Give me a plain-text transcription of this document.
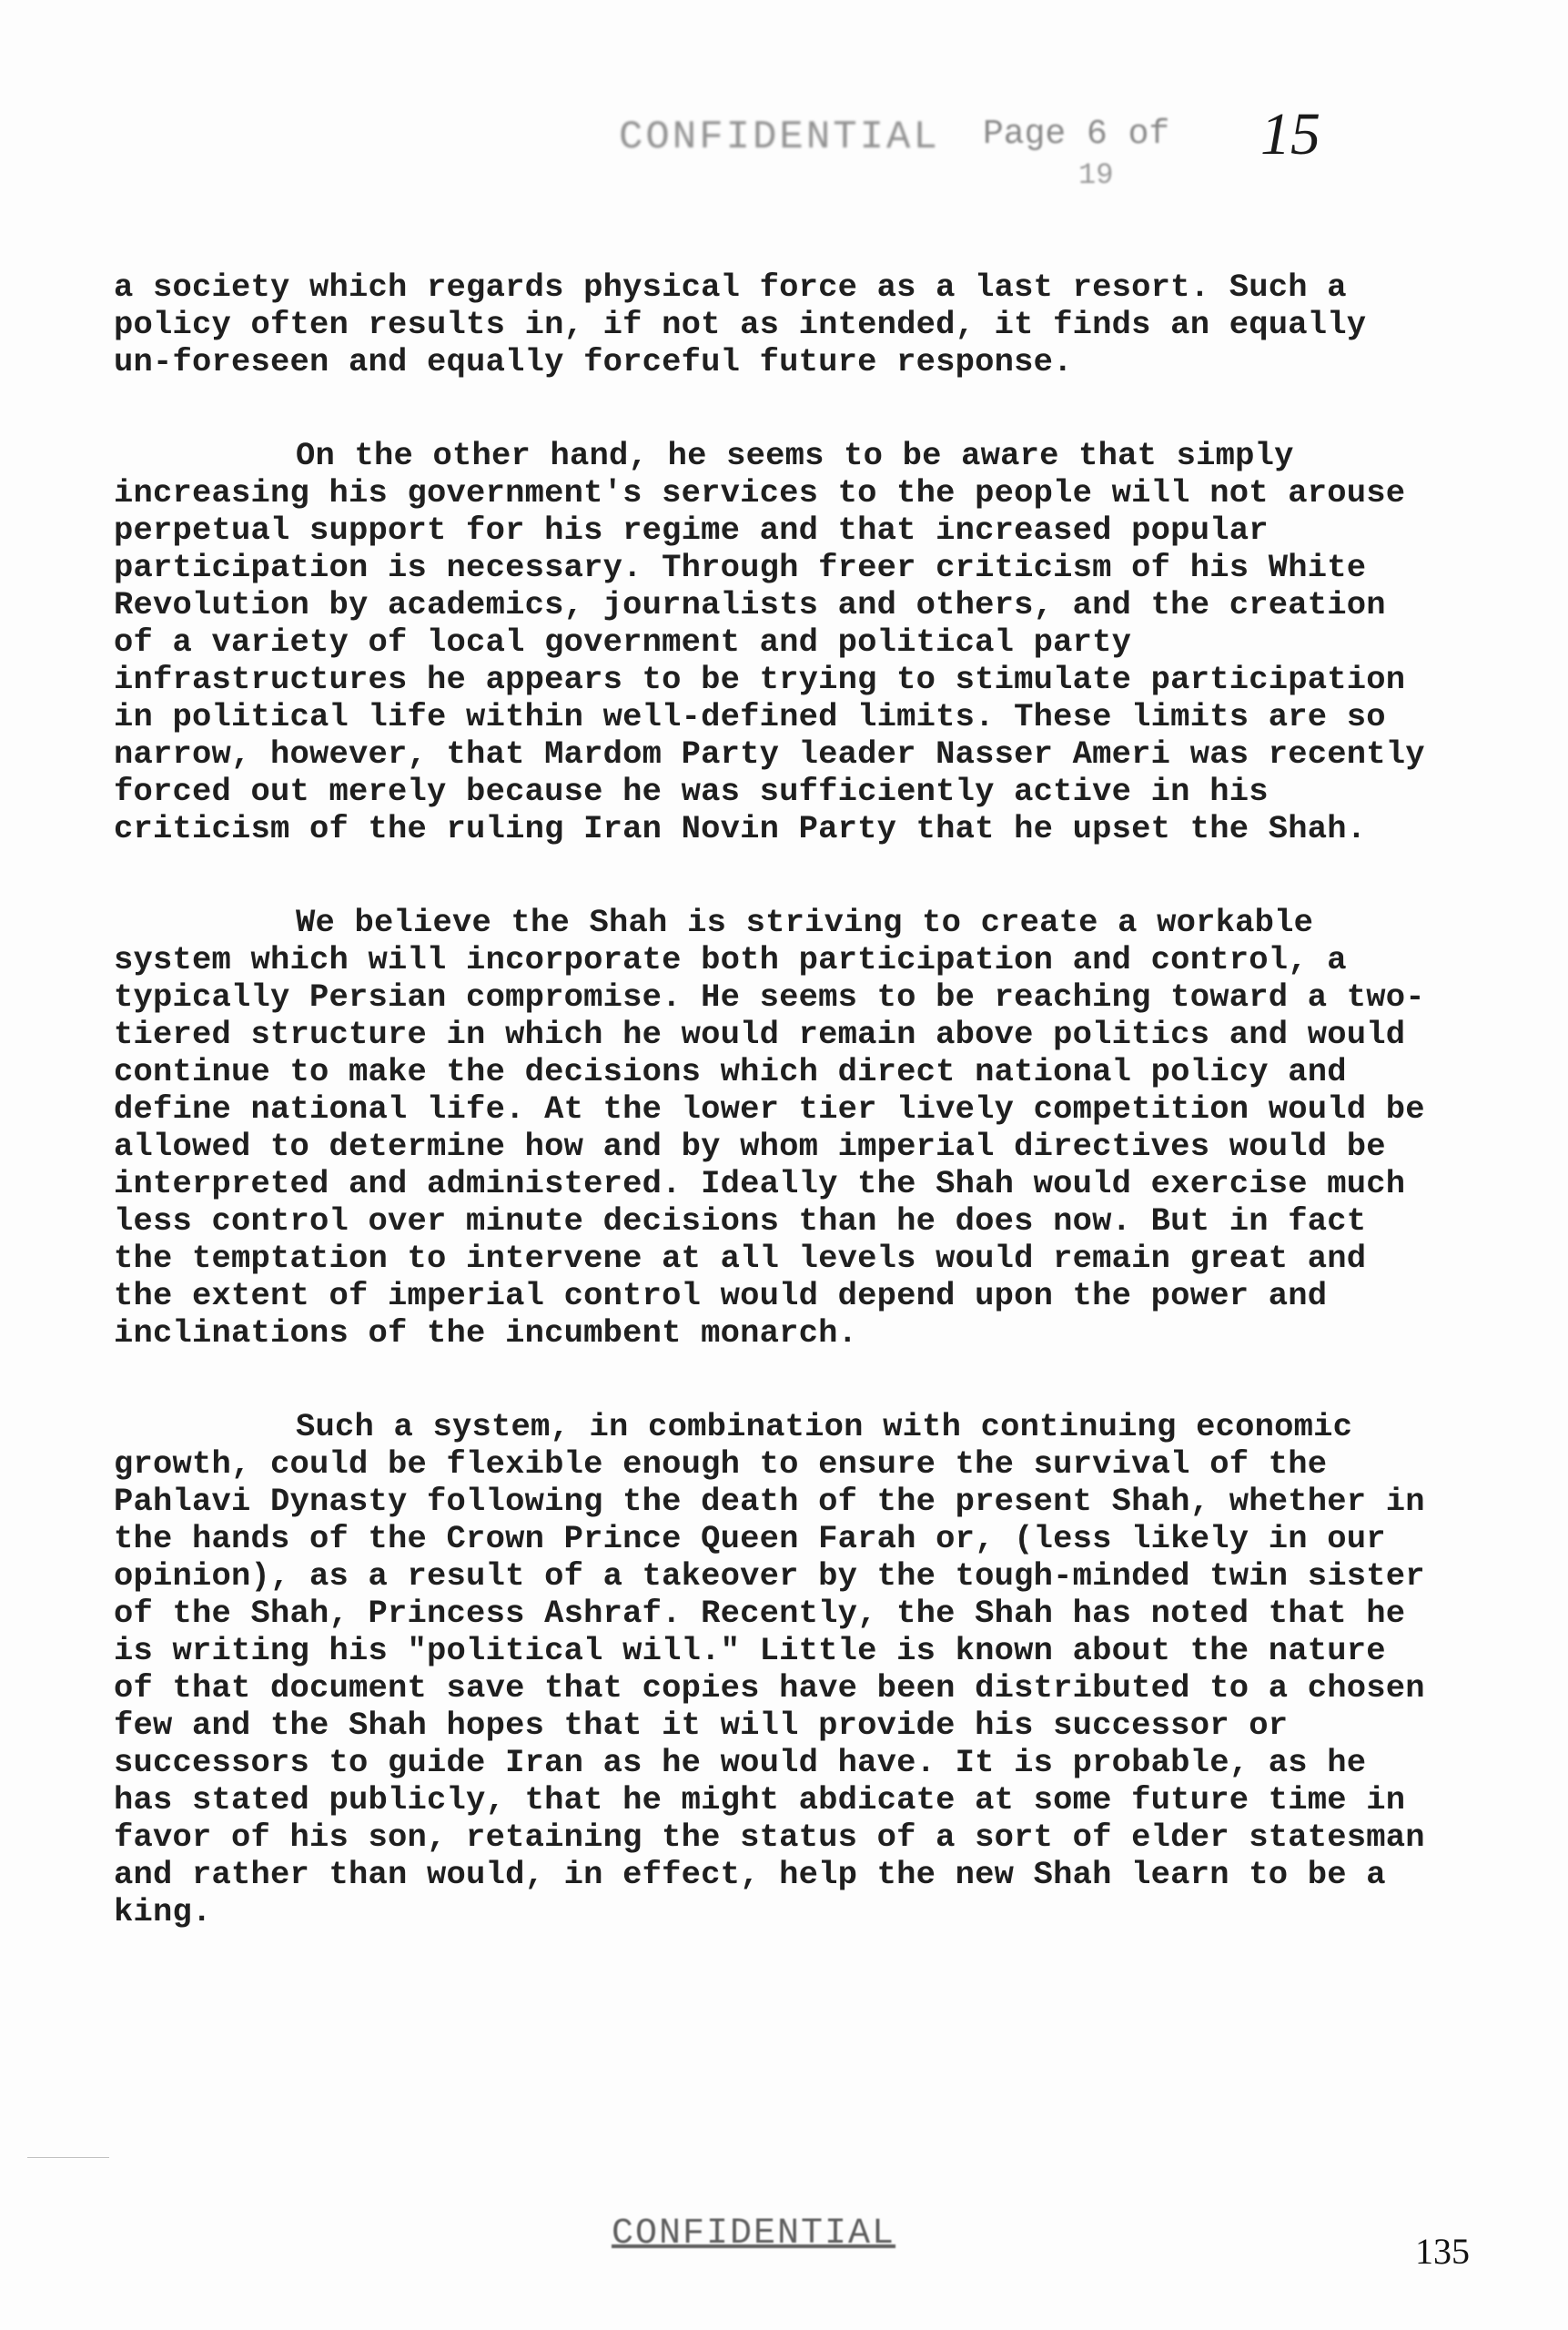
CONFIDENTIAL Page 6 of 15
19

a society which regards physical force as a last resort. Such a policy often results in, if not as intended, it finds an equally un-foreseen and equally forceful future response.

On the other hand, he seems to be aware that simply increasing his government's services to the people will not arouse perpetual support for his regime and that increased popular participation is necessary. Through freer criticism of his White Revolution by academics, journalists and others, and the creation of a variety of local government and political party infrastructures he appears to be trying to stimulate participation in political life within well-defined limits. These limits are so narrow, however, that Mardom Party leader Nasser Ameri was recently forced out merely because he was sufficiently active in his criticism of the ruling Iran Novin Party that he upset the Shah.

We believe the Shah is striving to create a workable system which will incorporate both participation and control, a typically Persian compromise. He seems to be reaching toward a two-tiered structure in which he would remain above politics and would continue to make the decisions which direct national policy and define national life. At the lower tier lively competition would be allowed to determine how and by whom imperial directives would be interpreted and administered. Ideally the Shah would exercise much less control over minute decisions than he does now. But in fact the temptation to intervene at all levels would remain great and the extent of imperial control would depend upon the power and inclinations of the incumbent monarch.

Such a system, in combination with continuing economic growth, could be flexible enough to ensure the survival of the Pahlavi Dynasty following the death of the present Shah, whether in the hands of the Crown Prince Queen Farah or, (less likely in our opinion), as a result of a takeover by the tough-minded twin sister of the Shah, Princess Ashraf. Recently, the Shah has noted that he is writing his "political will." Little is known about the nature of that document save that copies have been distributed to a chosen few and the Shah hopes that it will provide his successor or successors to guide Iran as he would have. It is probable, as he has stated publicly, that he might abdicate at some future time in favor of his son, retaining the status of a sort of elder statesman and rather than would, in effect, help the new Shah learn to be a king.

CONFIDENTIAL	135
